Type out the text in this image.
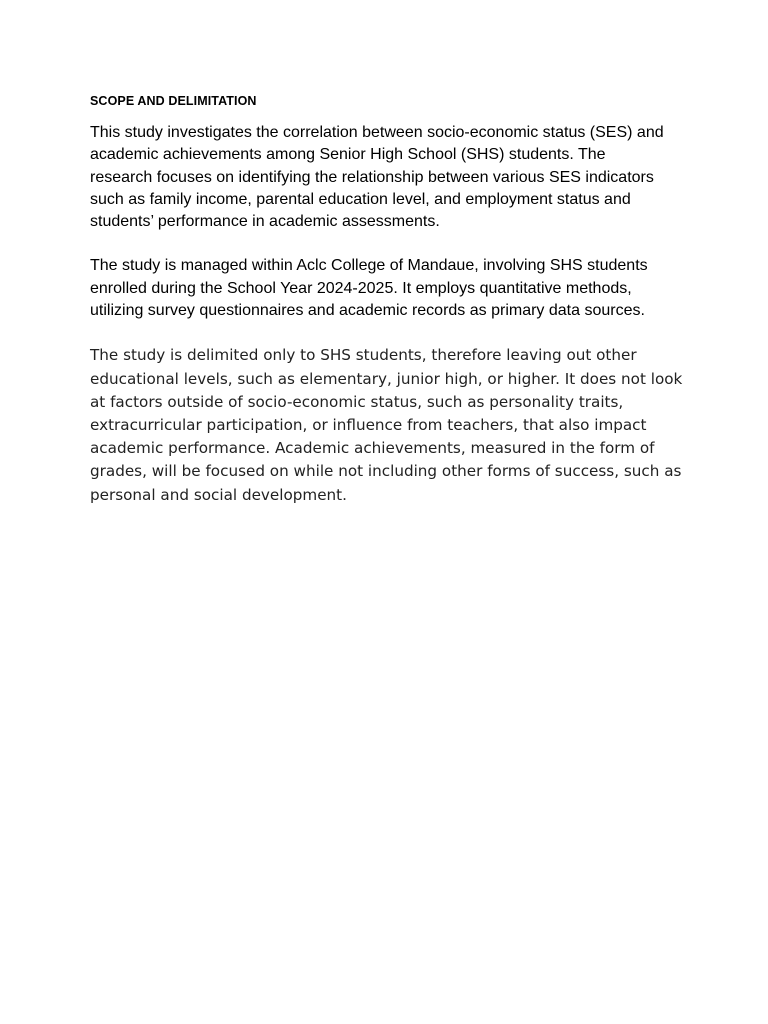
SCOPE AND DELIMITATION

This study investigates the correlation between socio-economic status (SES) and
academic achievements among Senior High School (SHS) students. The
research focuses on identifying the relationship between various SES indicators
such as family income, parental education level, and employment status and
students’ performance in academic assessments.

The study is managed within Aclc College of Mandaue, involving SHS students
enrolled during the School Year 2024-2025. It employs quantitative methods,
utilizing survey questionnaires and academic records as primary data sources.

The study is delimited only to SHS students, therefore leaving out other
educational levels, such as elementary, junior high, or higher. It does not look
at factors outside of socio-economic status, such as personality traits,
extracurricular participation, or influence from teachers, that also impact
academic performance. Academic achievements, measured in the form of
grades, will be focused on while not including other forms of success, such as
personal and social development.
